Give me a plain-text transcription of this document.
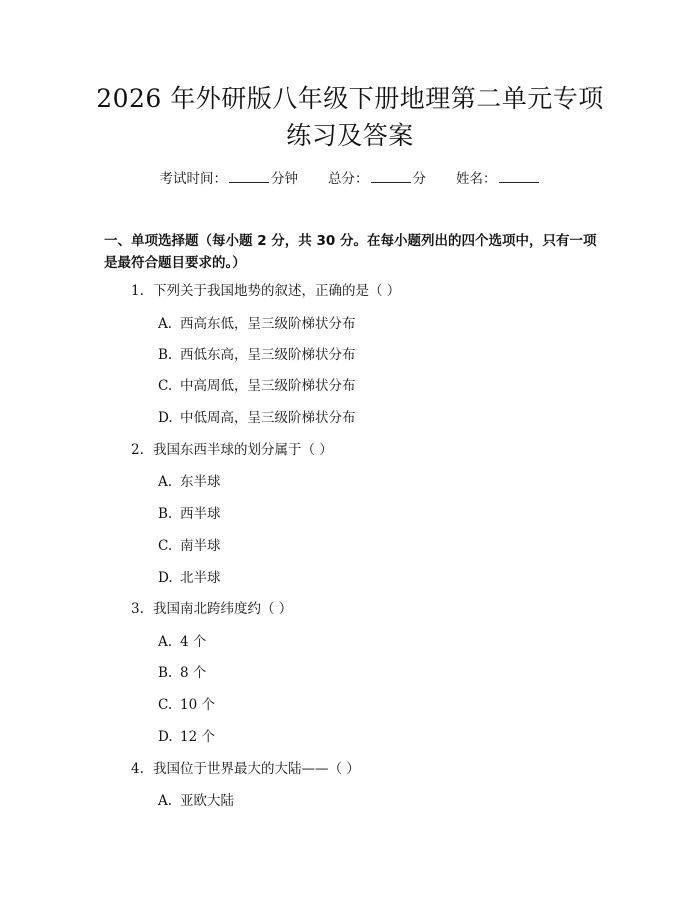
2026 年外研版八年级下册地理第二单元专项
练习及答案
考试时间：	分钟 总分：	分 姓名：
一、单项选择题（每小题 2 分，共 30 分。在每小题列出的四个选项中，只有一项
是最符合题目要求的。）
1. 下列关于我国地势的叙述，正确的是（ ）
A. 西高东低，呈三级阶梯状分布
B. 西低东高，呈三级阶梯状分布
C. 中高周低，呈三级阶梯状分布
D. 中低周高，呈三级阶梯状分布
2. 我国东西半球的划分属于（ ）
A. 东半球
B. 西半球
C. 南半球
D. 北半球
3. 我国南北跨纬度约（ ）
A. 4 个
B. 8 个
C. 10 个
D. 12 个
4. 我国位于世界最大的大陆——（ ）
A. 亚欧大陆
